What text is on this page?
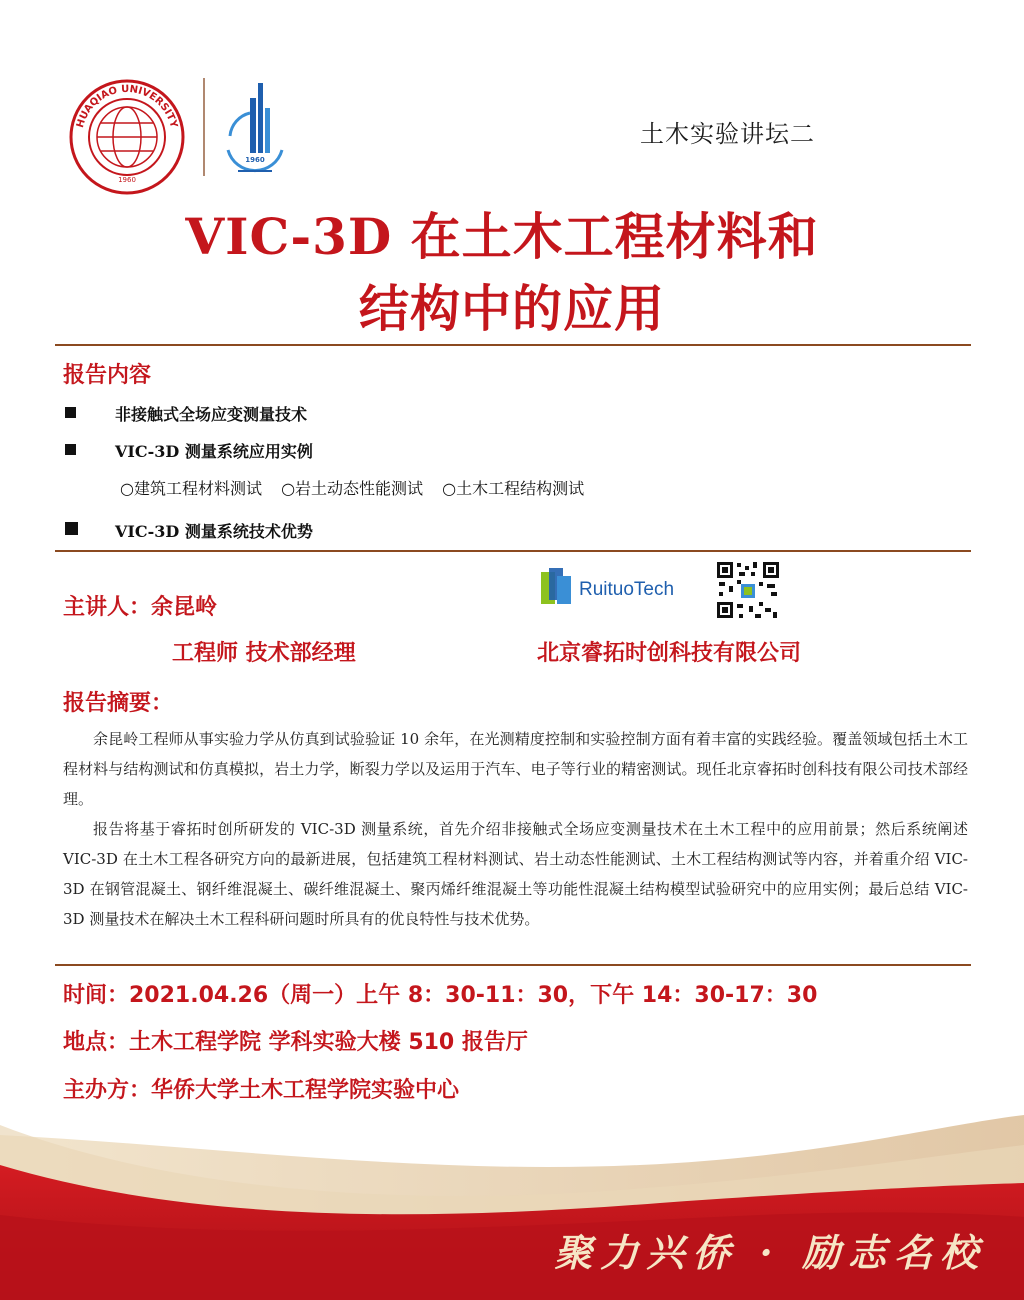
HUAQIAO UNIVERSITY
1960
1960
土木实验讲坛二
VIC-3D 在土木工程材料和
结构中的应用
报告内容
非接触式全场应变测量技术
VIC-3D 测量系统应用实例
○建筑工程材料测试 ○岩土动态性能测试 ○土木工程结构测试
VIC-3D 测量系统技术优势
主讲人：余昆岭
工程师 技术部经理	北京睿拓时创科技有限公司
RuituoTech
报告摘要：

余昆岭工程师从事实验力学从仿真到试验验证 10 余年，在光测精度控制和实验控制方面有着丰富的实践经验。覆盖领域包括土木工程材料与结构测试和仿真模拟，岩土力学，断裂力学以及运用于汽车、电子等行业的精密测试。现任北京睿拓时创科技有限公司技术部经理。

报告将基于睿拓时创所研发的 VIC-3D 测量系统，首先介绍非接触式全场应变测量技术在土木工程中的应用前景；然后系统阐述 VIC-3D 在土木工程各研究方向的最新进展，包括建筑工程材料测试、岩土动态性能测试、土木工程结构测试等内容，并着重介绍 VIC-3D 在钢管混凝土、钢纤维混凝土、碳纤维混凝土、聚丙烯纤维混凝土等功能性混凝土结构模型试验研究中的应用实例；最后总结 VIC-3D 测量技术在解决土木工程科研问题时所具有的优良特性与技术优势。

时间：2021.04.26（周一）上午 8：30-11：30，下午 14：30-17：30
地点：土木工程学院 学科实验大楼 510 报告厅
主办方：华侨大学土木工程学院实验中心
聚力兴侨 · 励志名校
